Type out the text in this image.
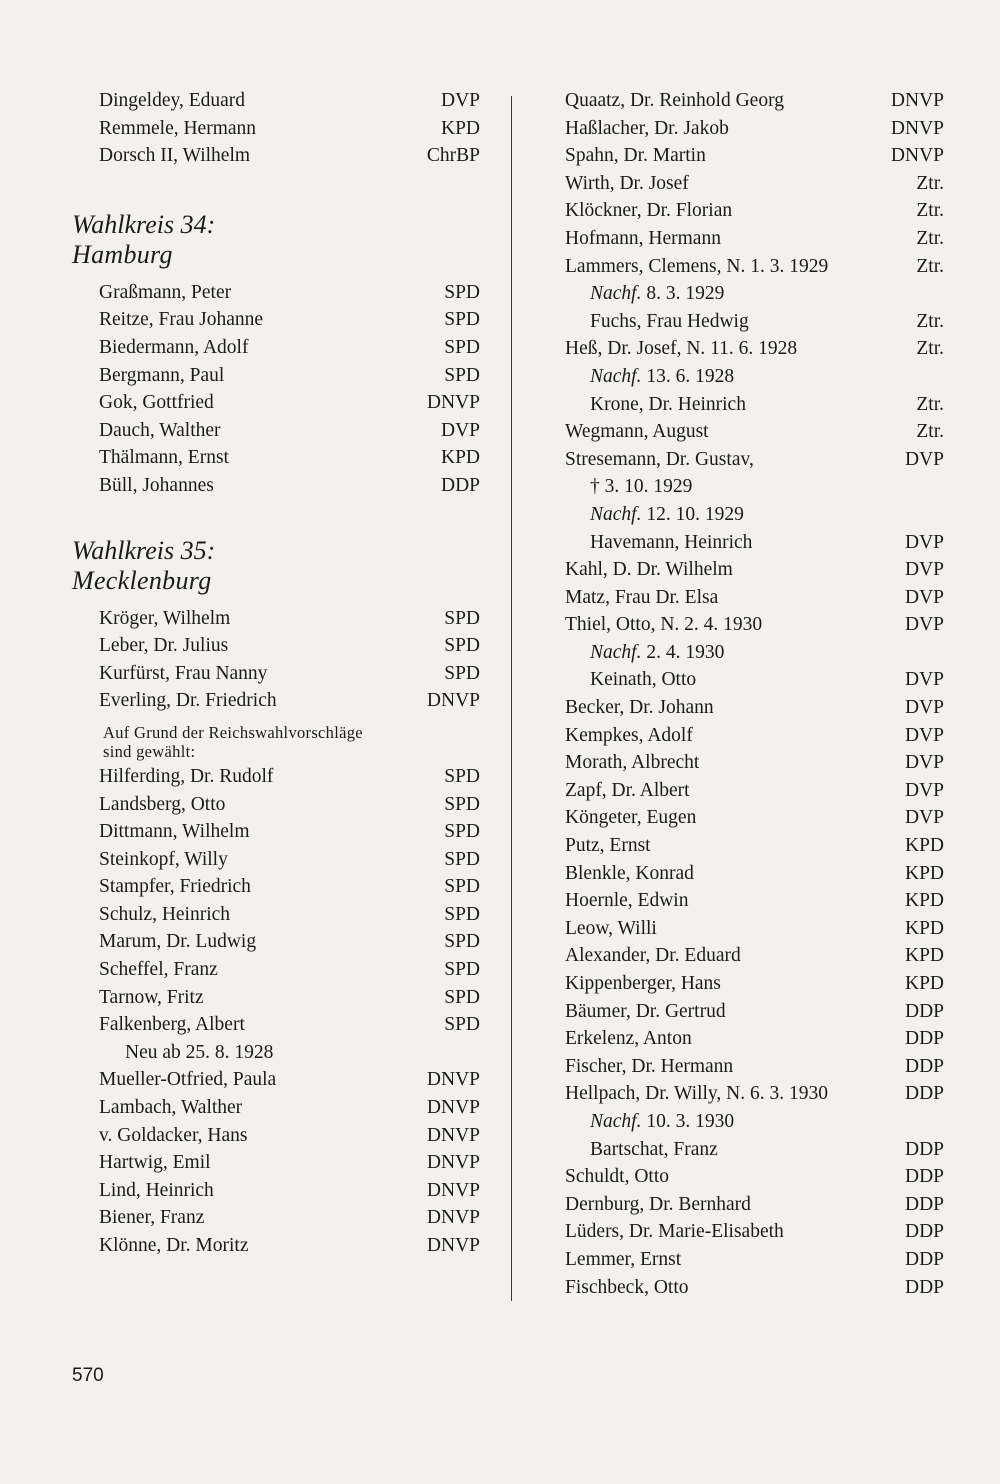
Dingeldey, Eduard	DVP
Remmele, Hermann	KPD
Dorsch II, Wilhelm	ChrBP
Wahlkreis 34:
Hamburg
Graßmann, Peter	SPD
Reitze, Frau Johanne	SPD
Biedermann, Adolf	SPD
Bergmann, Paul	SPD
Gok, Gottfried	DNVP
Dauch, Walther	DVP
Thälmann, Ernst	KPD
Büll, Johannes	DDP
Wahlkreis 35:
Mecklenburg
Kröger, Wilhelm	SPD
Leber, Dr. Julius	SPD
Kurfürst, Frau Nanny	SPD
Everling, Dr. Friedrich	DNVP
Auf Grund der Reichswahlvorschläge
sind gewählt:
Hilferding, Dr. Rudolf	SPD
Landsberg, Otto	SPD
Dittmann, Wilhelm	SPD
Steinkopf, Willy	SPD
Stampfer, Friedrich	SPD
Schulz, Heinrich	SPD
Marum, Dr. Ludwig	SPD
Scheffel, Franz	SPD
Tarnow, Fritz	SPD
Falkenberg, Albert	SPD
Neu ab 25. 8. 1928
Mueller-Otfried, Paula	DNVP
Lambach, Walther	DNVP
v. Goldacker, Hans	DNVP
Hartwig, Emil	DNVP
Lind, Heinrich	DNVP
Biener, Franz	DNVP
Klönne, Dr. Moritz	DNVP
Quaatz, Dr. Reinhold Georg	DNVP
Haßlacher, Dr. Jakob	DNVP
Spahn, Dr. Martin	DNVP
Wirth, Dr. Josef	Ztr.
Klöckner, Dr. Florian	Ztr.
Hofmann, Hermann	Ztr.
Lammers, Clemens, N. 1. 3. 1929	Ztr.
Nachf. 8. 3. 1929
Fuchs, Frau Hedwig	Ztr.
Heß, Dr. Josef, N. 11. 6. 1928	Ztr.
Nachf. 13. 6. 1928
Krone, Dr. Heinrich	Ztr.
Wegmann, August	Ztr.
Stresemann, Dr. Gustav,	DVP
† 3. 10. 1929
Nachf. 12. 10. 1929
Havemann, Heinrich	DVP
Kahl, D. Dr. Wilhelm	DVP
Matz, Frau Dr. Elsa	DVP
Thiel, Otto, N. 2. 4. 1930	DVP
Nachf. 2. 4. 1930
Keinath, Otto	DVP
Becker, Dr. Johann	DVP
Kempkes, Adolf	DVP
Morath, Albrecht	DVP
Zapf, Dr. Albert	DVP
Köngeter, Eugen	DVP
Putz, Ernst	KPD
Blenkle, Konrad	KPD
Hoernle, Edwin	KPD
Leow, Willi	KPD
Alexander, Dr. Eduard	KPD
Kippenberger, Hans	KPD
Bäumer, Dr. Gertrud	DDP
Erkelenz, Anton	DDP
Fischer, Dr. Hermann	DDP
Hellpach, Dr. Willy, N. 6. 3. 1930	DDP
Nachf. 10. 3. 1930
Bartschat, Franz	DDP
Schuldt, Otto	DDP
Dernburg, Dr. Bernhard	DDP
Lüders, Dr. Marie-Elisabeth	DDP
Lemmer, Ernst	DDP
Fischbeck, Otto	DDP
570
